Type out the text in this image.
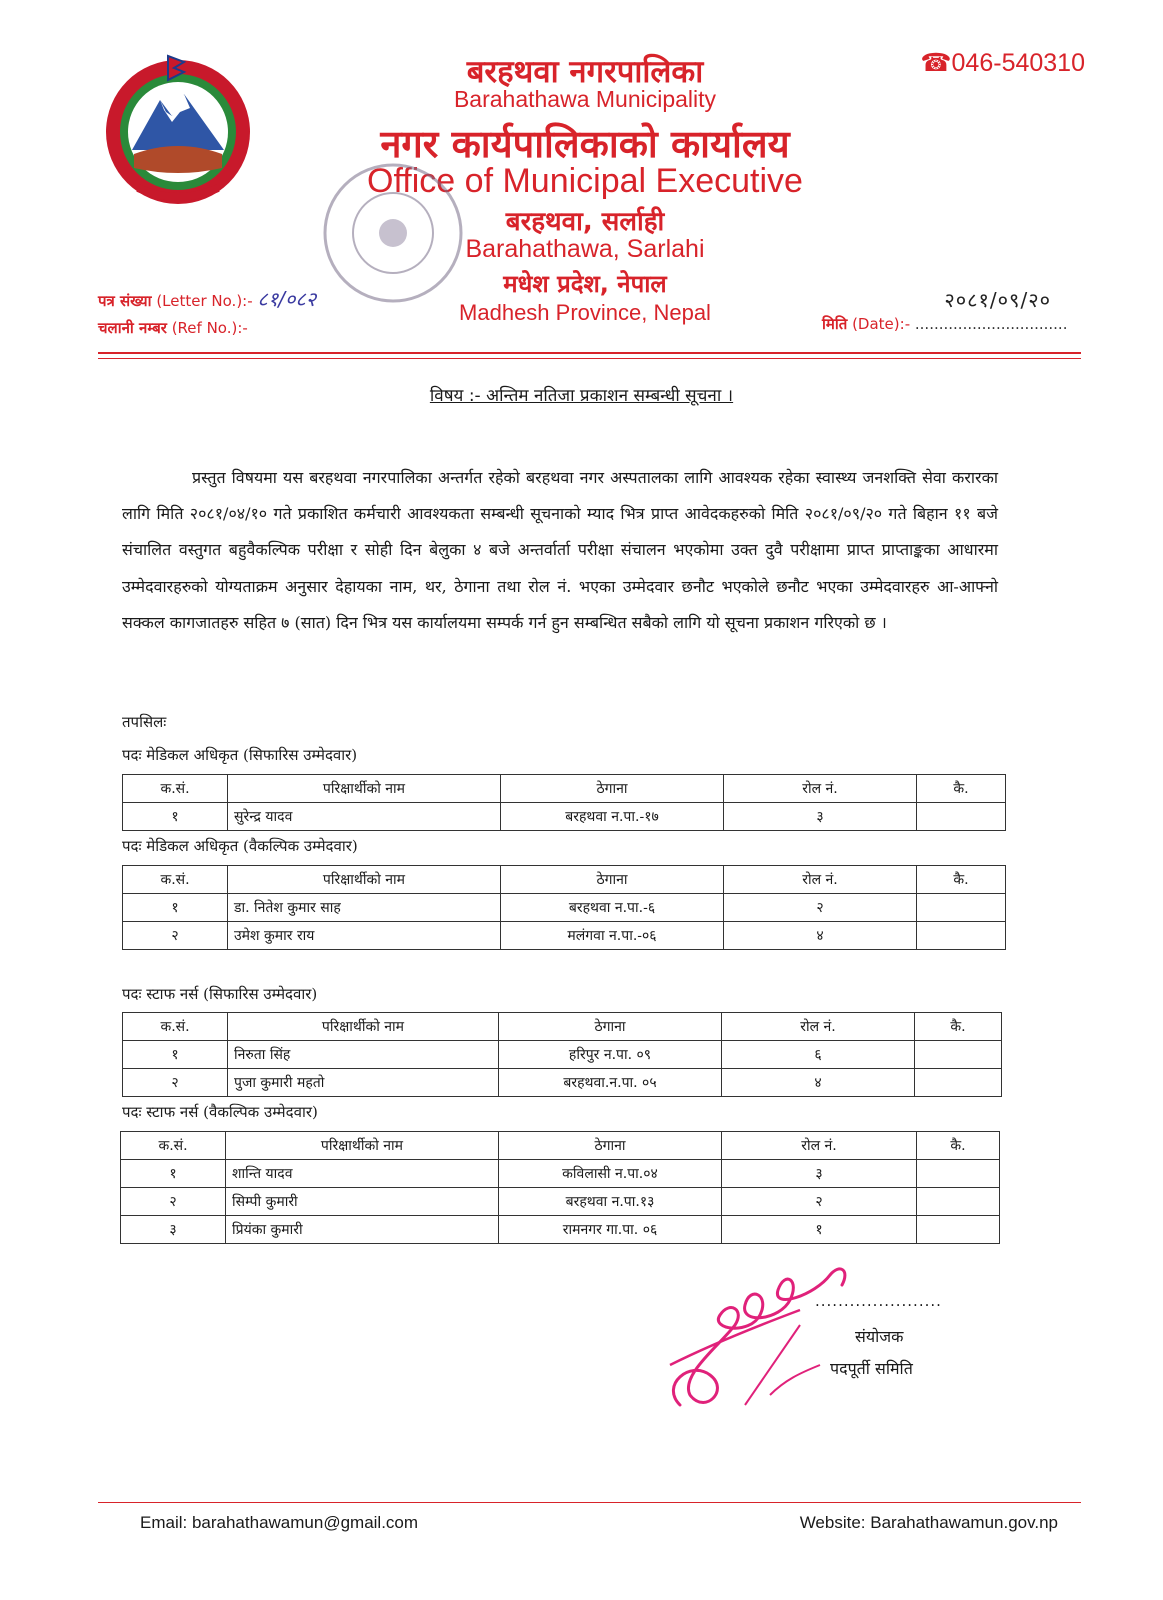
☎046-540310
बरहथवा नगरपालिका
Barahathawa Municipality
नगर कार्यपालिकाको कार्यालय
Office of Municipal Executive
बरहथवा, सर्लाही
Barahathawa, Sarlahi
मधेश प्रदेश, नेपाल
Madhesh Province, Nepal
पत्र संख्या (Letter No.):- ८१/०८२
चलानी नम्बर (Ref No.):-
२०८१/०९/२०
मिति (Date):- ................................
विषय :- अन्तिम नतिजा प्रकाशन सम्बन्धी सूचना ।
प्रस्तुत विषयमा यस बरहथवा नगरपालिका अन्तर्गत रहेको बरहथवा नगर अस्पतालका लागि आवश्यक रहेका स्वास्थ्य जनशक्ति सेवा करारका लागि मिति २०८१/०४/१० गते प्रकाशित कर्मचारी आवश्यकता सम्बन्धी सूचनाको म्याद भित्र प्राप्त आवेदकहरुको मिति २०८१/०९/२० गते बिहान ११ बजे संचालित वस्तुगत बहुवैकल्पिक परीक्षा र सोही दिन बेलुका ४ बजे अन्तर्वार्ता परीक्षा संचालन भएकोमा उक्त दुवै परीक्षामा प्राप्त प्राप्ताङ्कका आधारमा उम्मेदवारहरुको योग्यताक्रम अनुसार देहायका नाम, थर, ठेगाना तथा रोल नं. भएका उम्मेदवार छनौट भएकोले छनौट भएका उम्मेदवारहरु आ-आफ्नो सक्कल कागजातहरु सहित ७ (सात) दिन भित्र यस कार्यालयमा सम्पर्क गर्न हुन सम्बन्धित सबैको लागि यो सूचना प्रकाशन गरिएको छ ।
तपसिलः
पदः मेडिकल अधिकृत (सिफारिस उम्मेदवार)
क.सं.	परिक्षार्थीको नाम	ठेगाना	रोल नं.	कै.
१	सुरेन्द्र यादव	बरहथवा न.पा.-१७	३	
पदः मेडिकल अधिकृत (वैकल्पिक उम्मेदवार)
क.सं.	परिक्षार्थीको नाम	ठेगाना	रोल नं.	कै.
१	डा. नितेश कुमार साह	बरहथवा न.पा.-६	२	
२	उमेश कुमार राय	मलंगवा न.पा.-०६	४	
पदः स्टाफ नर्स (सिफारिस उम्मेदवार)
क.सं.	परिक्षार्थीको नाम	ठेगाना	रोल नं.	कै.
१	निरुता सिंह	हरिपुर न.पा. ०९	६	
२	पुजा कुमारी महतो	बरहथवा.न.पा. ०५	४	
पदः स्टाफ नर्स (वैकल्पिक उम्मेदवार)
क.सं.	परिक्षार्थीको नाम	ठेगाना	रोल नं.	कै.
१	शान्ति यादव	कविलासी न.पा.०४	३	
२	सिम्पी कुमारी	बरहथवा न.पा.१३	२	
३	प्रियंका कुमारी	रामनगर गा.पा. ०६	१	
......................
संयोजक
पदपूर्ती समिति
Email: barahathawamun@gmail.com	Website: Barahathawamun.gov.np
